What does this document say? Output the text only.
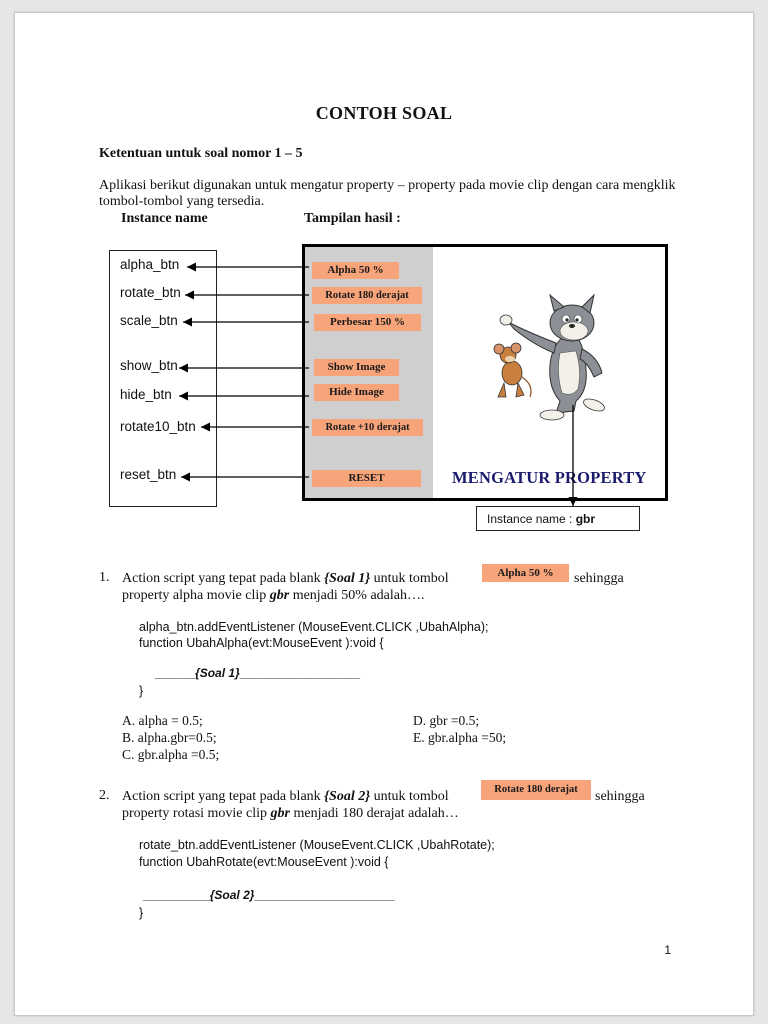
CONTOH SOAL
Ketentuan untuk soal nomor 1 – 5
Aplikasi berikut digunakan untuk mengatur property – property pada movie clip dengan cara mengklik tombol-tombol yang tersedia.
Instance name	Tampilan hasil :
alpha_btn
rotate_btn
scale_btn
show_btn
hide_btn
rotate10_btn
reset_btn
Alpha 50 %
Rotate 180 derajat
Perbesar 150 %
Show Image
Hide Image
Rotate +10 derajat
RESET	MENGATUR PROPERTY
Instance name : gbr
1. Action script yang tepat pada blank {Soal 1} untuk tombol	Alpha 50 %	sehingga
property alpha movie clip gbr menjadi 50% adalah….
alpha_btn.addEventListener (MouseEvent.CLICK ,UbahAlpha);
function UbahAlpha(evt:MouseEvent ):void {
______{Soal 1}__________________
}
A. alpha = 0.5;
B. alpha.gbr=0.5;
C. gbr.alpha =0.5;
D. gbr =0.5;
E. gbr.alpha =50;
2. Action script yang tepat pada blank {Soal 2} untuk tombol	Rotate 180 derajat	sehingga
property rotasi movie clip gbr menjadi 180 derajat adalah…
rotate_btn.addEventListener (MouseEvent.CLICK ,UbahRotate);
function UbahRotate(evt:MouseEvent ):void {
__________{Soal 2}_____________________
}
1
